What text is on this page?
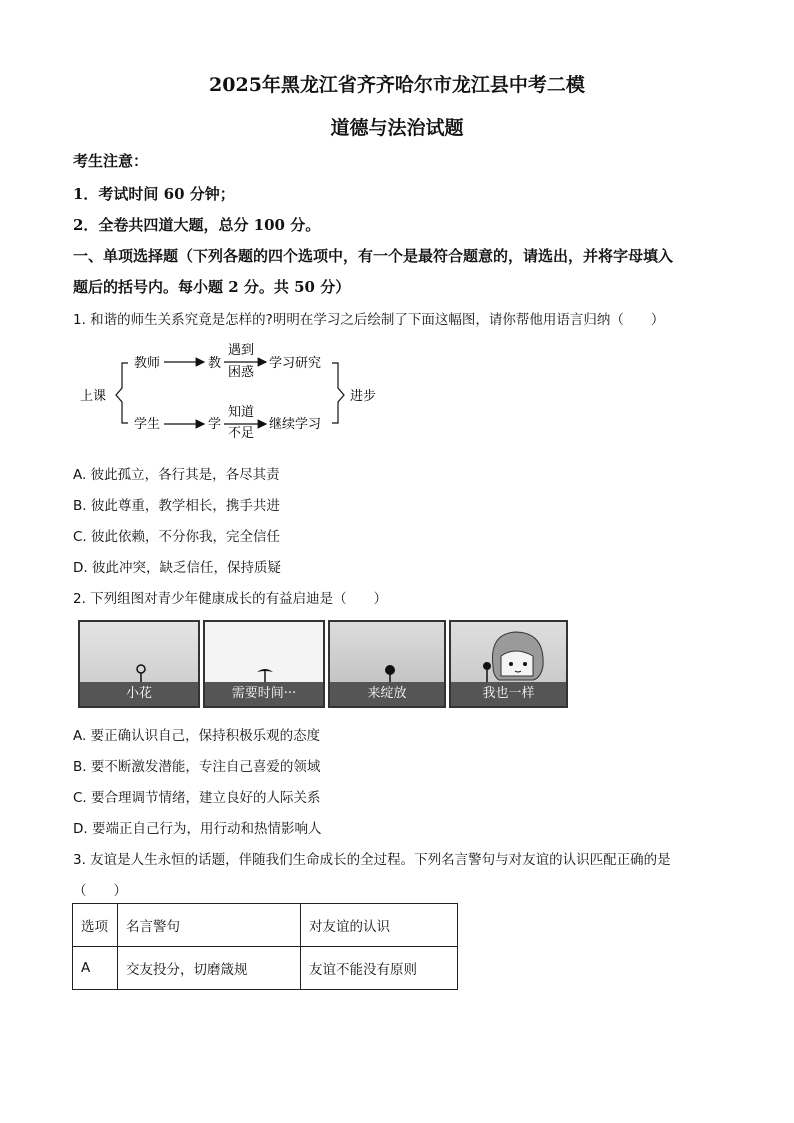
2025年黑龙江省齐齐哈尔市龙江县中考二模
道德与法治试题
考生注意：
1．考试时间 60 分钟；
2．全卷共四道大题，总分 100 分。
一、单项选择题（下列各题的四个选项中，有一个是最符合题意的，请选出，并将字母填入
题后的括号内。每小题 2 分。共 50 分）
1. 和谐的师生关系究竟是怎样的?明明在学习之后绘制了下面这幅图，请你帮他用语言归纳（　　）
上课
教师	教
遇到
困惑
学习研究
学生	学
知道
不足
继续学习
进步
A. 彼此孤立，各行其是，各尽其责
B. 彼此尊重，教学相长，携手共进
C. 彼此依赖，不分你我，完全信任
D. 彼此冲突，缺乏信任，保持质疑
2. 下列组图对青少年健康成长的有益启迪是（　　）
小花	需要时间···	来绽放	我也一样
A. 要正确认识自己，保持积极乐观的态度
B. 要不断激发潜能，专注自己喜爱的领域
C. 要合理调节情绪，建立良好的人际关系
D. 要端正自己行为，用行动和热情影响人
3. 友谊是人生永恒的话题，伴随我们生命成长的全过程。下列名言警句与对友谊的认识匹配正确的是
（　　）
选项	名言警句	对友谊的认识
A	交友投分，切磨箴规	友谊不能没有原则
